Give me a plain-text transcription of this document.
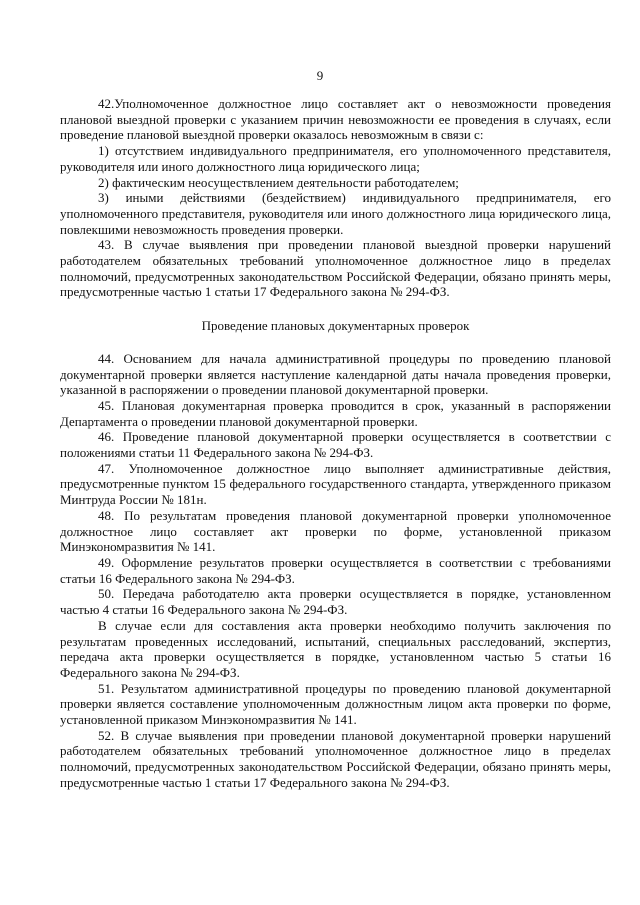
9

42.Уполномоченное должностное лицо составляет акт о невозможности проведения плановой выездной проверки с указанием причин невозможности ее проведения в случаях, если проведение плановой выездной проверки оказалось невозможным в связи с:

1) отсутствием индивидуального предпринимателя, его уполномоченного представителя, руководителя или иного должностного лица юридического лица;

2) фактическим неосуществлением деятельности работодателем;

3) иными действиями (бездействием) индивидуального предпринимателя, его уполномоченного представителя, руководителя или иного должностного лица юридического лица, повлекшими невозможность проведения проверки.

43. В случае выявления при проведении плановой выездной проверки нарушений работодателем обязательных требований уполномоченное должностное лицо в пределах полномочий, предусмотренных законодательством Российской Федерации, обязано принять меры, предусмотренные частью 1 статьи 17 Федерального закона № 294-ФЗ.

Проведение плановых документарных проверок

44. Основанием для начала административной процедуры по проведению плановой документарной проверки является наступление календарной даты начала проведения проверки, указанной в распоряжении о проведении плановой документарной проверки.

45. Плановая документарная проверка проводится в срок, указанный в распоряжении Департамента о проведении плановой документарной проверки.

46. Проведение плановой документарной проверки осуществляется в соответствии с положениями статьи 11 Федерального закона № 294-ФЗ.

47. Уполномоченное должностное лицо выполняет административные действия, предусмотренные пунктом 15 федерального государственного стандарта, утвержденного приказом Минтруда России № 181н.

48. По результатам проведения плановой документарной проверки уполномоченное должностное лицо составляет акт проверки по форме, установленной приказом Минэкономразвития № 141.

49. Оформление результатов проверки осуществляется в соответствии с требованиями статьи 16 Федерального закона № 294-ФЗ.

50. Передача работодателю акта проверки осуществляется в порядке, установленном частью 4 статьи 16 Федерального закона № 294-ФЗ.

В случае если для составления акта проверки необходимо получить заключения по результатам проведенных исследований, испытаний, специальных расследований, экспертиз, передача акта проверки осуществляется в порядке, установленном частью 5 статьи 16 Федерального закона № 294-ФЗ.

51. Результатом административной процедуры по проведению плановой документарной проверки является составление уполномоченным должностным лицом акта проверки по форме, установленной приказом Минэкономразвития № 141.

52. В случае выявления при проведении плановой документарной проверки нарушений работодателем обязательных требований уполномоченное должностное лицо в пределах полномочий, предусмотренных законодательством Российской Федерации, обязано принять меры, предусмотренные частью 1 статьи 17 Федерального закона № 294-ФЗ.
